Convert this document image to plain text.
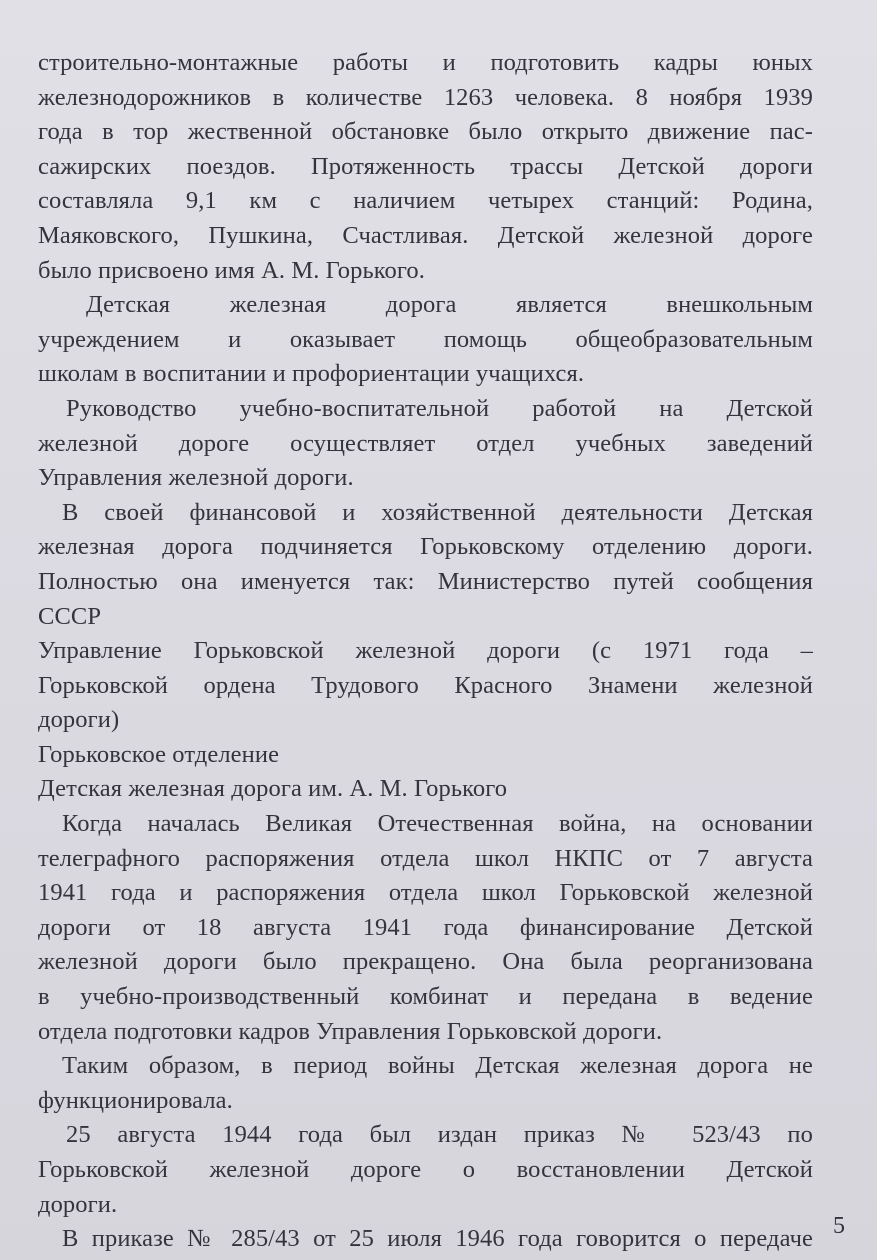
строительно-монтажные работы и подготовить кадры юных
железнодорожников в количестве 1263 человека. 8 ноября 1939
года в тор жественной обстановке было открыто движение пас-
сажирских поездов. Протяженность трассы Детской дороги
составляла 9,1 км с наличием четырех станций: Родина,
Маяковского, Пушкина, Счастливая. Детской железной дороге
было присвоено имя А. М. Горького.
Детская железная дорога является внешкольным
учреждением и оказывает помощь общеобразовательным
школам в воспитании и профориентации учащихся.
Руководство учебно-воспитательной работой на Детской
железной дороге осуществляет отдел учебных заведений
Управления железной дороги.
В своей финансовой и хозяйственной деятельности Детская
железная дорога подчиняется Горьковскому отделению дороги.
Полностью она именуется так: Министерство путей сообщения
СССР
Управление Горьковской железной дороги (с 1971 года –
Горьковской ордена Трудового Красного Знамени железной
дороги)
Горьковское отделение
Детская железная дорога им. А. М. Горького
Когда началась Великая Отечественная война, на основании
телеграфного распоряжения отдела школ НКПС от 7 августа
1941 года и распоряжения отдела школ Горьковской железной
дороги от 18 августа 1941 года финансирование Детской
железной дороги было прекращено. Она была реорганизована
в учебно-производственный комбинат и передана в ведение
отдела подготовки кадров Управления Горьковской дороги.
Таким образом, в период войны Детская железная дорога не
функционировала.
25 августа 1944 года был издан приказ № 523/43 по
Горьковской железной дороге о восстановлении Детской
дороги.
В приказе № 285/43 от 25 июля 1946 года говорится о передаче 5
